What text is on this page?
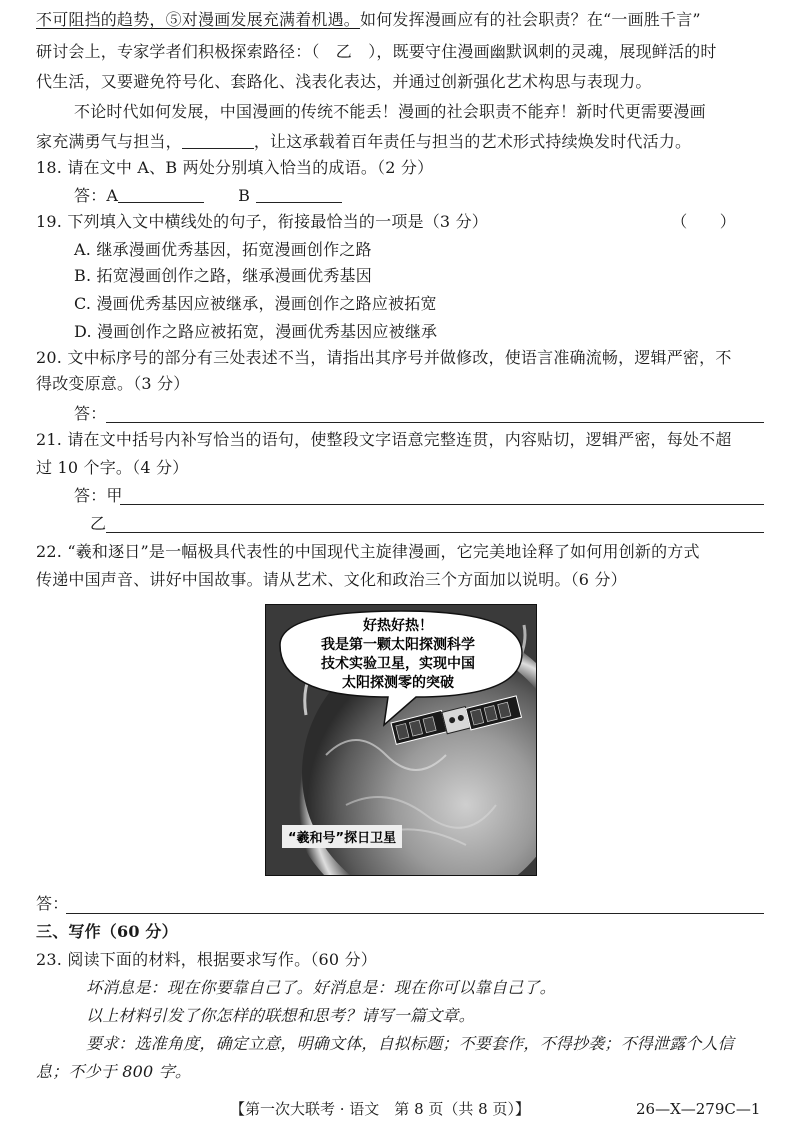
不可阻挡的趋势，⑤对漫画发展充满着机遇。如何发挥漫画应有的社会职责？在“一画胜千言”
研讨会上，专家学者们积极探索路径：（　乙　），既要守住漫画幽默讽刺的灵魂，展现鲜活的时
代生活，又要避免符号化、套路化、浅表化表达，并通过创新强化艺术构思与表现力。
不论时代如何发展，中国漫画的传统不能丢！漫画的社会职责不能弃！新时代更需要漫画
家充满勇气与担当，	，让这承载着百年责任与担当的艺术形式持续焕发时代活力。
18. 请在文中 A、B 两处分别填入恰当的成语。（2 分）
答：A	B
19. 下列填入文中横线处的句子，衔接最恰当的一项是（3 分）	（　　）
A. 继承漫画优秀基因，拓宽漫画创作之路
B. 拓宽漫画创作之路，继承漫画优秀基因
C. 漫画优秀基因应被继承，漫画创作之路应被拓宽
D. 漫画创作之路应被拓宽，漫画优秀基因应被继承
20. 文中标序号的部分有三处表述不当，请指出其序号并做修改，使语言准确流畅，逻辑严密，不
得改变原意。（3 分）
答：
21. 请在文中括号内补写恰当的语句，使整段文字语意完整连贯，内容贴切，逻辑严密，每处不超
过 10 个字。（4 分）
答：甲
乙
22. “羲和逐日”是一幅极具代表性的中国现代主旋律漫画，它完美地诠释了如何用创新的方式
传递中国声音、讲好中国故事。请从艺术、文化和政治三个方面加以说明。（6 分）
好热好热！
我是第一颗太阳探测科学
技术实验卫星，实现中国
太阳探测零的突破
“羲和号”探日卫星
答：
三、写作（60 分）
23. 阅读下面的材料，根据要求写作。（60 分）
坏消息是：现在你要靠自己了。好消息是：现在你可以靠自己了。
以上材料引发了你怎样的联想和思考？请写一篇文章。
要求：选准角度，确定立意，明确文体，自拟标题；不要套作，不得抄袭；不得泄露个人信
息；不少于 800 字。
【第一次大联考 · 语文　第 8 页（共 8 页）】	26—X—279C—1
